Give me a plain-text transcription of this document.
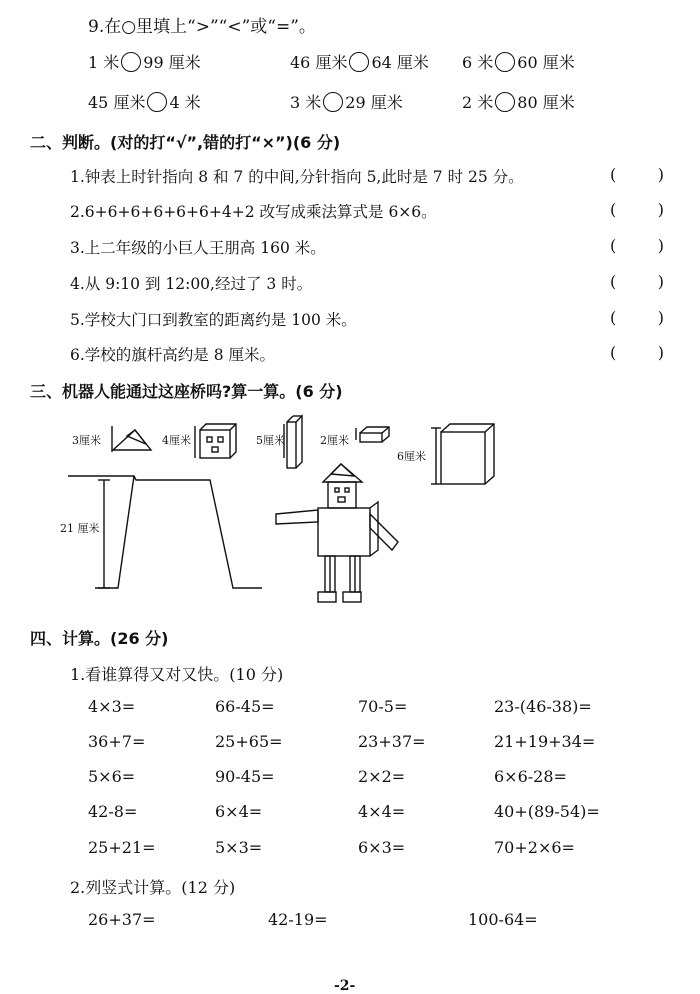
9.在○里填上“>”“<”或“=”。
1 米 99 厘米	46 厘米 64 厘米 6 米 60 厘米
45 厘米 4 米	3 米 29 厘米	2 米 80 厘米
二、判断。(对的打“√”,错的打“×”)(6 分)
1.钟表上时针指向 8 和 7 的中间,分针指向 5,此时是 7 时 25 分。	(	)
2.6+6+6+6+6+6+4+2 改写成乘法算式是 6×6。	(	)
3.上二年级的小巨人王朋高 160 米。	(	)
4.从 9:10 到 12:00,经过了 3 时。	(	)
5.学校大门口到教室的距离约是 100 米。	(	)
6.学校的旗杆高约是 8 厘米。	(	)
三、机器人能通过这座桥吗?算一算。(6 分)
3厘米	4厘米	5厘米	2厘米
6厘米
21 厘米
四、计算。(26 分)
1.看谁算得又对又快。(10 分)
4×3=	66-45=	70-5=	23-(46-38)=
36+7=	25+65=	23+37=	21+19+34=
5×6=	90-45=	2×2=	6×6-28=
42-8=	6×4=	4×4=	40+(89-54)=
25+21=	5×3=	6×3=	70+2×6=
2.列竖式计算。(12 分)
26+37=	42-19=	100-64=
-2-
